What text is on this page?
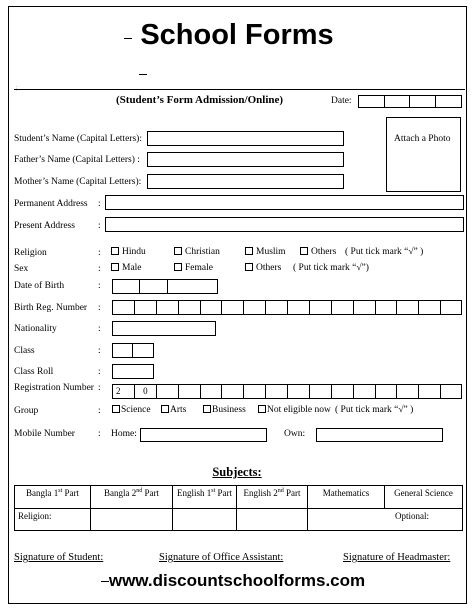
School Forms
⋮
(Student’s Form Admission/Online)	Date:
Attach a Photo
Student’s Name (Capital Letters):
Father’s Name (Capital Letters) :
Mother’s Name (Capital Letters):
Permanent Address :
Present Address :
Religion	:	Hindu	Christian	Muslim	Others ( Put tick mark “√” )
Sex	:	Male	Female	Others ( Put tick mark “√”)
Date of Birth	:
Birth Reg. Number :
Nationality	:
Class	:
Class Roll	:
Registration Number :	2	0
Group	:	Science	Arts	Business	Not eligible now ( Put tick mark “√” )
Mobile Number : Home:	Own:
Subjects:
Bangla 1st Part	Bangla 2nd Part	English 1st Part	English 2nd Part	Mathematics	General Science
Religion:				Optional:	
Signature of Student:	Signature of Office Assistant:	Signature of Headmaster:
www.discountschoolforms.com
